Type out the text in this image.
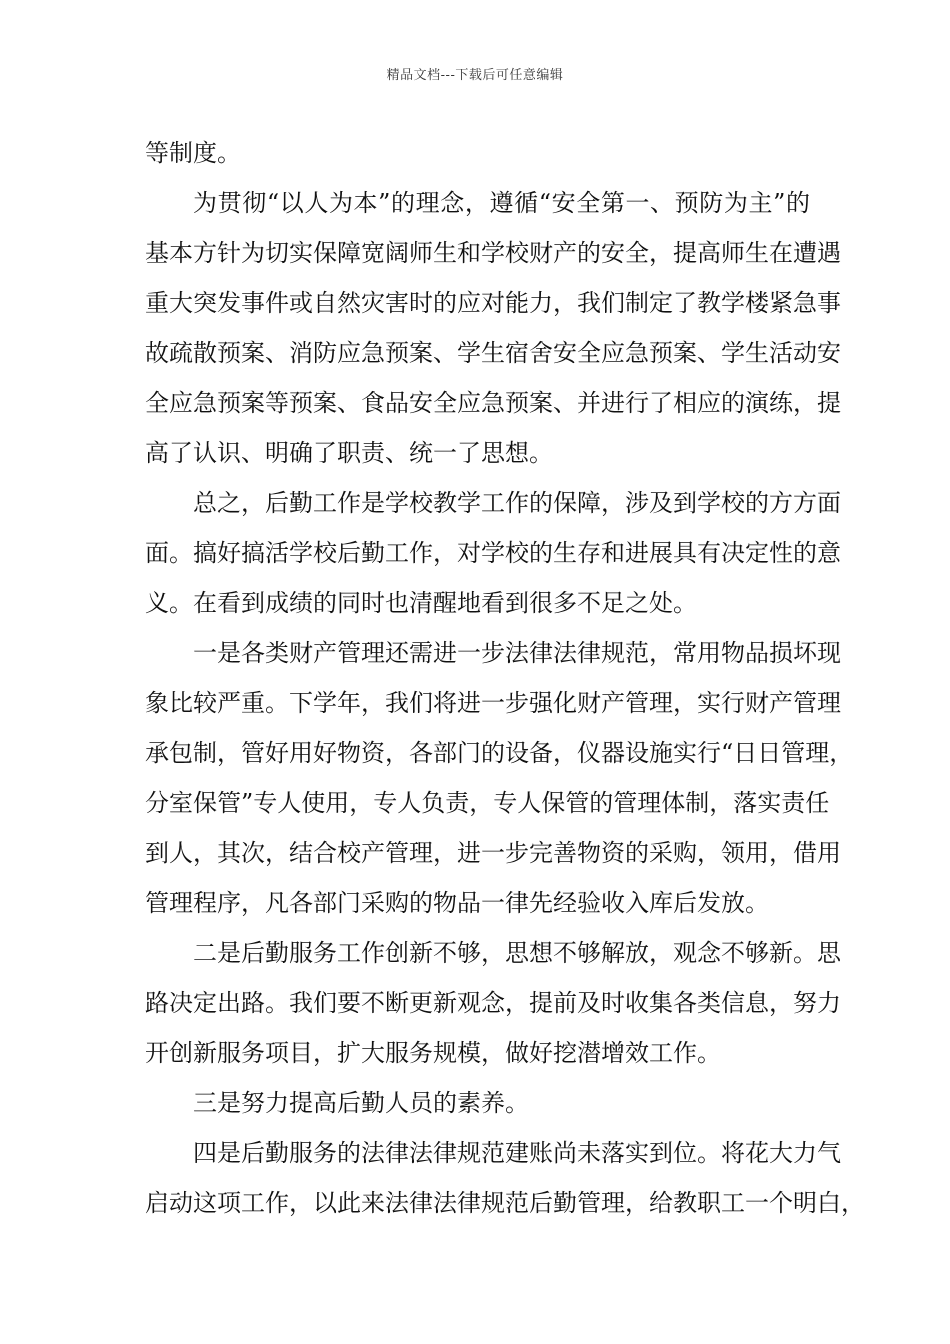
精品文档---下载后可任意编辑
等制度。
为贯彻“以人为本”的理念，遵循“安全第一、预防为主”的
基本方针为切实保障宽阔师生和学校财产的安全，提高师生在遭遇
重大突发事件或自然灾害时的应对能力，我们制定了教学楼紧急事
故疏散预案、消防应急预案、学生宿舍安全应急预案、学生活动安
全应急预案等预案、食品安全应急预案、并进行了相应的演练，提
高了认识、明确了职责、统一了思想。
总之，后勤工作是学校教学工作的保障，涉及到学校的方方面
面。搞好搞活学校后勤工作，对学校的生存和进展具有决定性的意
义。在看到成绩的同时也清醒地看到很多不足之处。
一是各类财产管理还需进一步法律法律规范，常用物品损坏现
象比较严重。下学年，我们将进一步强化财产管理，实行财产管理
承包制，管好用好物资，各部门的设备，仪器设施实行“日日管理，
分室保管”专人使用，专人负责，专人保管的管理体制，落实责任
到人，其次，结合校产管理，进一步完善物资的采购，领用，借用
管理程序，凡各部门采购的物品一律先经验收入库后发放。
二是后勤服务工作创新不够，思想不够解放，观念不够新。思
路决定出路。我们要不断更新观念，提前及时收集各类信息，努力
开创新服务项目，扩大服务规模，做好挖潜增效工作。
三是努力提高后勤人员的素养。
四是后勤服务的法律法律规范建账尚未落实到位。将花大力气
启动这项工作，以此来法律法律规范后勤管理，给教职工一个明白，
